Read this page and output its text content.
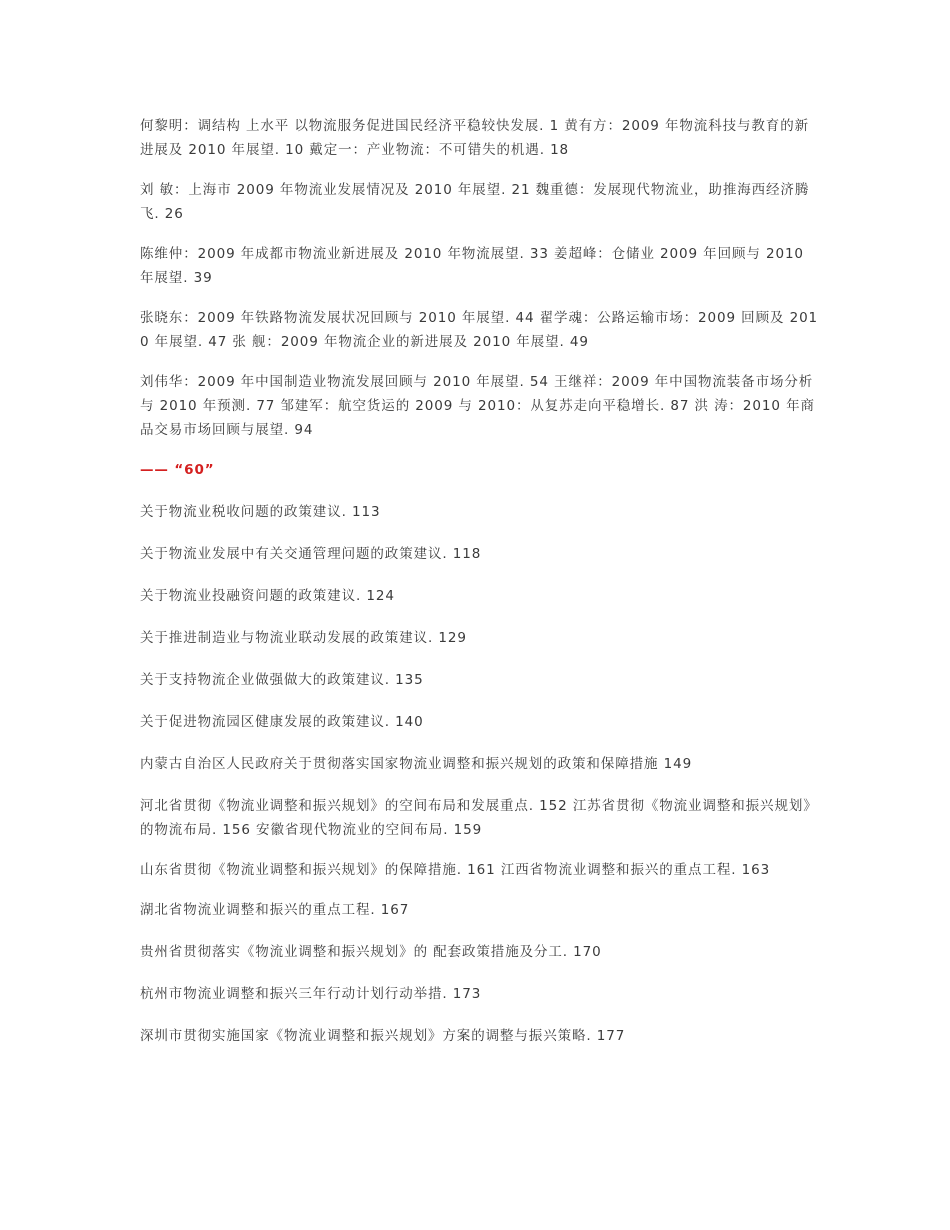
何黎明：调结构 上水平 以物流服务促进国民经济平稳较快发展. 1 黄有方：2009 年物流科技与教育的新进展及 2010 年展望. 10 戴定一：产业物流：不可错失的机遇. 18

刘 敏：上海市 2009 年物流业发展情况及 2010 年展望. 21 魏重德：发展现代物流业，助推海西经济腾飞. 26

陈维仲：2009 年成都市物流业新进展及 2010 年物流展望. 33 姜超峰：仓储业 2009 年回顾与 2010 年展望. 39

张晓东：2009 年铁路物流发展状况回顾与 2010 年展望. 44 翟学魂：公路运输市场：2009 回顾及 2010 年展望. 47 张 舰：2009 年物流企业的新进展及 2010 年展望. 49

刘伟华：2009 年中国制造业物流发展回顾与 2010 年展望. 54 王继祥：2009 年中国物流装备市场分析与 2010 年预测. 77 邹建军：航空货运的 2009 与 2010：从复苏走向平稳增长. 87 洪 涛：2010 年商品交易市场回顾与展望. 94

—— “60”

关于物流业税收问题的政策建议. 113

关于物流业发展中有关交通管理问题的政策建议. 118

关于物流业投融资问题的政策建议. 124

关于推进制造业与物流业联动发展的政策建议. 129

关于支持物流企业做强做大的政策建议. 135

关于促进物流园区健康发展的政策建议. 140

内蒙古自治区人民政府关于贯彻落实国家物流业调整和振兴规划的政策和保障措施 149

河北省贯彻《物流业调整和振兴规划》的空间布局和发展重点. 152 江苏省贯彻《物流业调整和振兴规划》的物流布局. 156 安徽省现代物流业的空间布局. 159

山东省贯彻《物流业调整和振兴规划》的保障措施. 161 江西省物流业调整和振兴的重点工程. 163

湖北省物流业调整和振兴的重点工程. 167

贵州省贯彻落实《物流业调整和振兴规划》的 配套政策措施及分工. 170

杭州市物流业调整和振兴三年行动计划行动举措. 173

深圳市贯彻实施国家《物流业调整和振兴规划》方案的调整与振兴策略. 177
